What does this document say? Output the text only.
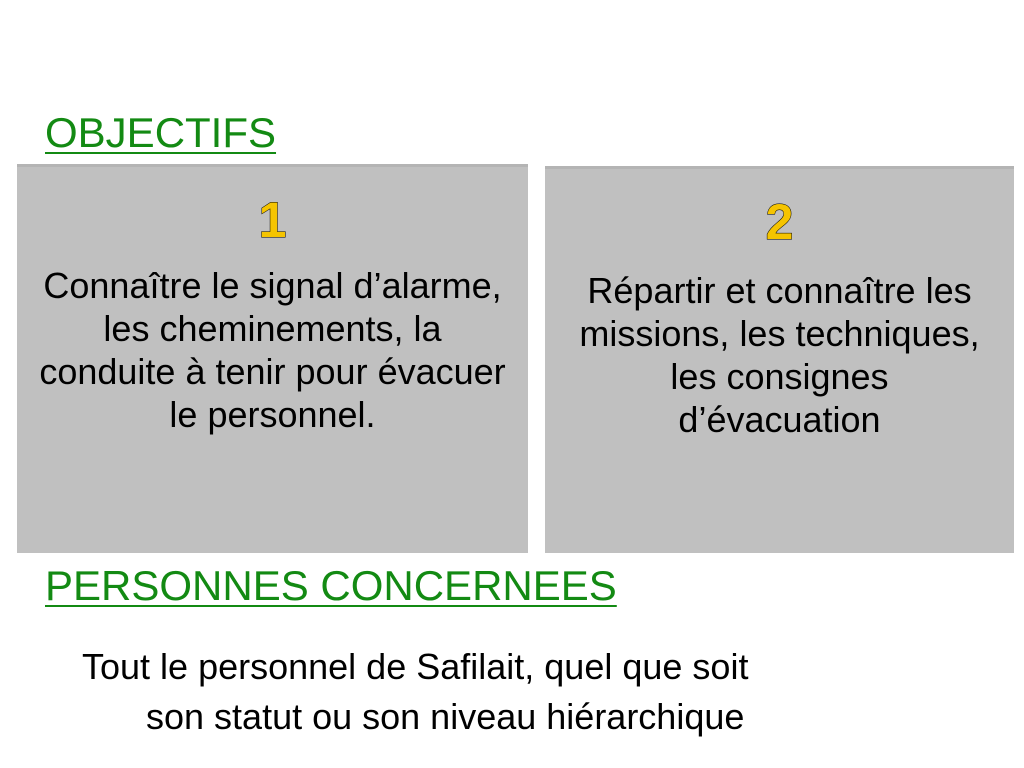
OBJECTIFS
1
Connaître le signal d’alarme, les cheminements, la conduite à tenir pour évacuer le personnel.
2
Répartir et connaître les missions, les techniques, les consignes d’évacuation
PERSONNES CONCERNEES

Tout le personnel de Safilait, quel que soit
son statut ou son niveau hiérarchique
